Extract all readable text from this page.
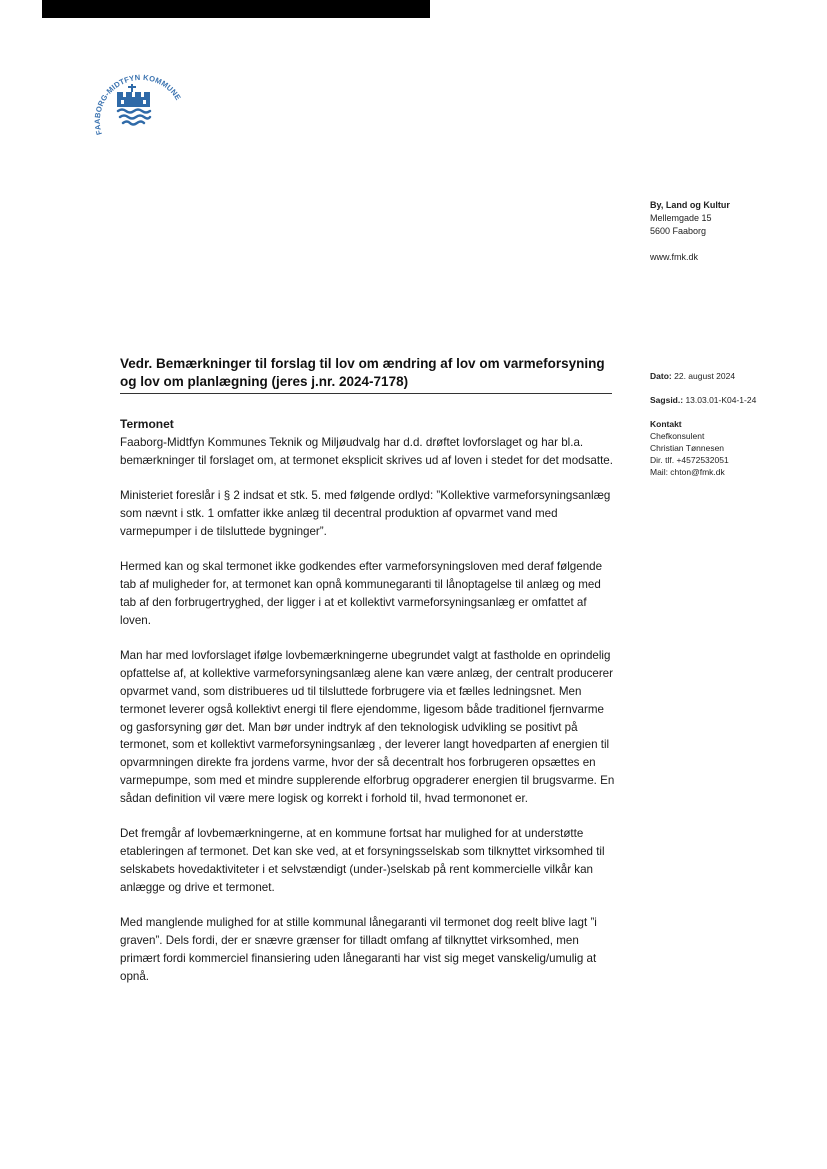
FAABORG-MIDTFYN KOMMUNE
By, Land og Kultur
Mellemgade 15
5600 Faaborg
www.fmk.dk
Vedr. Bemærkninger til forslag til lov om ændring af lov om varmeforsyning og lov om planlægning (jeres j.nr. 2024-7178)	Dato: 22. august 2024
Sagsid.: 13.03.01-K04-1-24
Kontakt
Chefkonsulent
Christian Tønnesen
Dir. tlf. +4572532051
Mail: chton@fmk.dk
Termonet

Faaborg-Midtfyn Kommunes Teknik og Miljøudvalg har d.d. drøftet lovforslaget og har bl.a. bemærkninger til forslaget om, at termonet eksplicit skrives ud af loven i stedet for det modsatte.

Ministeriet foreslår i § 2 indsat et stk. 5. med følgende ordlyd: ”Kollektive varmeforsyningsanlæg som nævnt i stk. 1 omfatter ikke anlæg til decentral produktion af opvarmet vand med varmepumper i de tilsluttede bygninger”.

Hermed kan og skal termonet ikke godkendes efter varmeforsyningsloven med deraf følgende tab af muligheder for, at termonet kan opnå kommunegaranti til lånoptagelse til anlæg og med tab af den forbrugertryghed, der ligger i at et kollektivt varmeforsyningsanlæg er omfattet af loven.

Man har med lovforslaget ifølge lovbemærkningerne ubegrundet valgt at fastholde en oprindelig opfattelse af, at kollektive varmeforsyningsanlæg alene kan være anlæg, der centralt producerer opvarmet vand, som distribueres ud til tilsluttede forbrugere via et fælles ledningsnet. Men termonet leverer også kollektivt energi til flere ejendomme, ligesom både traditionel fjernvarme og gasforsyning gør det. Man bør under indtryk af den teknologisk udvikling se positivt på termonet, som et kollektivt varmeforsyningsanlæg , der leverer langt hovedparten af energien til opvarmningen direkte fra jordens varme, hvor der så decentralt hos forbrugeren opsættes en varmepumpe, som med et mindre supplerende elforbrug opgraderer energien til brugsvarme. En sådan definition vil være mere logisk og korrekt i forhold til, hvad termononet er.

Det fremgår af lovbemærkningerne, at en kommune fortsat har mulighed for at understøtte etableringen af termonet. Det kan ske ved, at et forsyningsselskab som tilknyttet virksomhed til selskabets hovedaktiviteter i et selvstændigt (under-)selskab på rent kommercielle vilkår kan anlægge og drive et termonet.

Med manglende mulighed for at stille kommunal lånegaranti vil termonet dog reelt blive lagt ”i graven”. Dels fordi, der er snævre grænser for tilladt omfang af tilknyttet virksomhed, men primært fordi kommerciel finansiering uden lånegaranti har vist sig meget vanskelig/umulig at opnå.
